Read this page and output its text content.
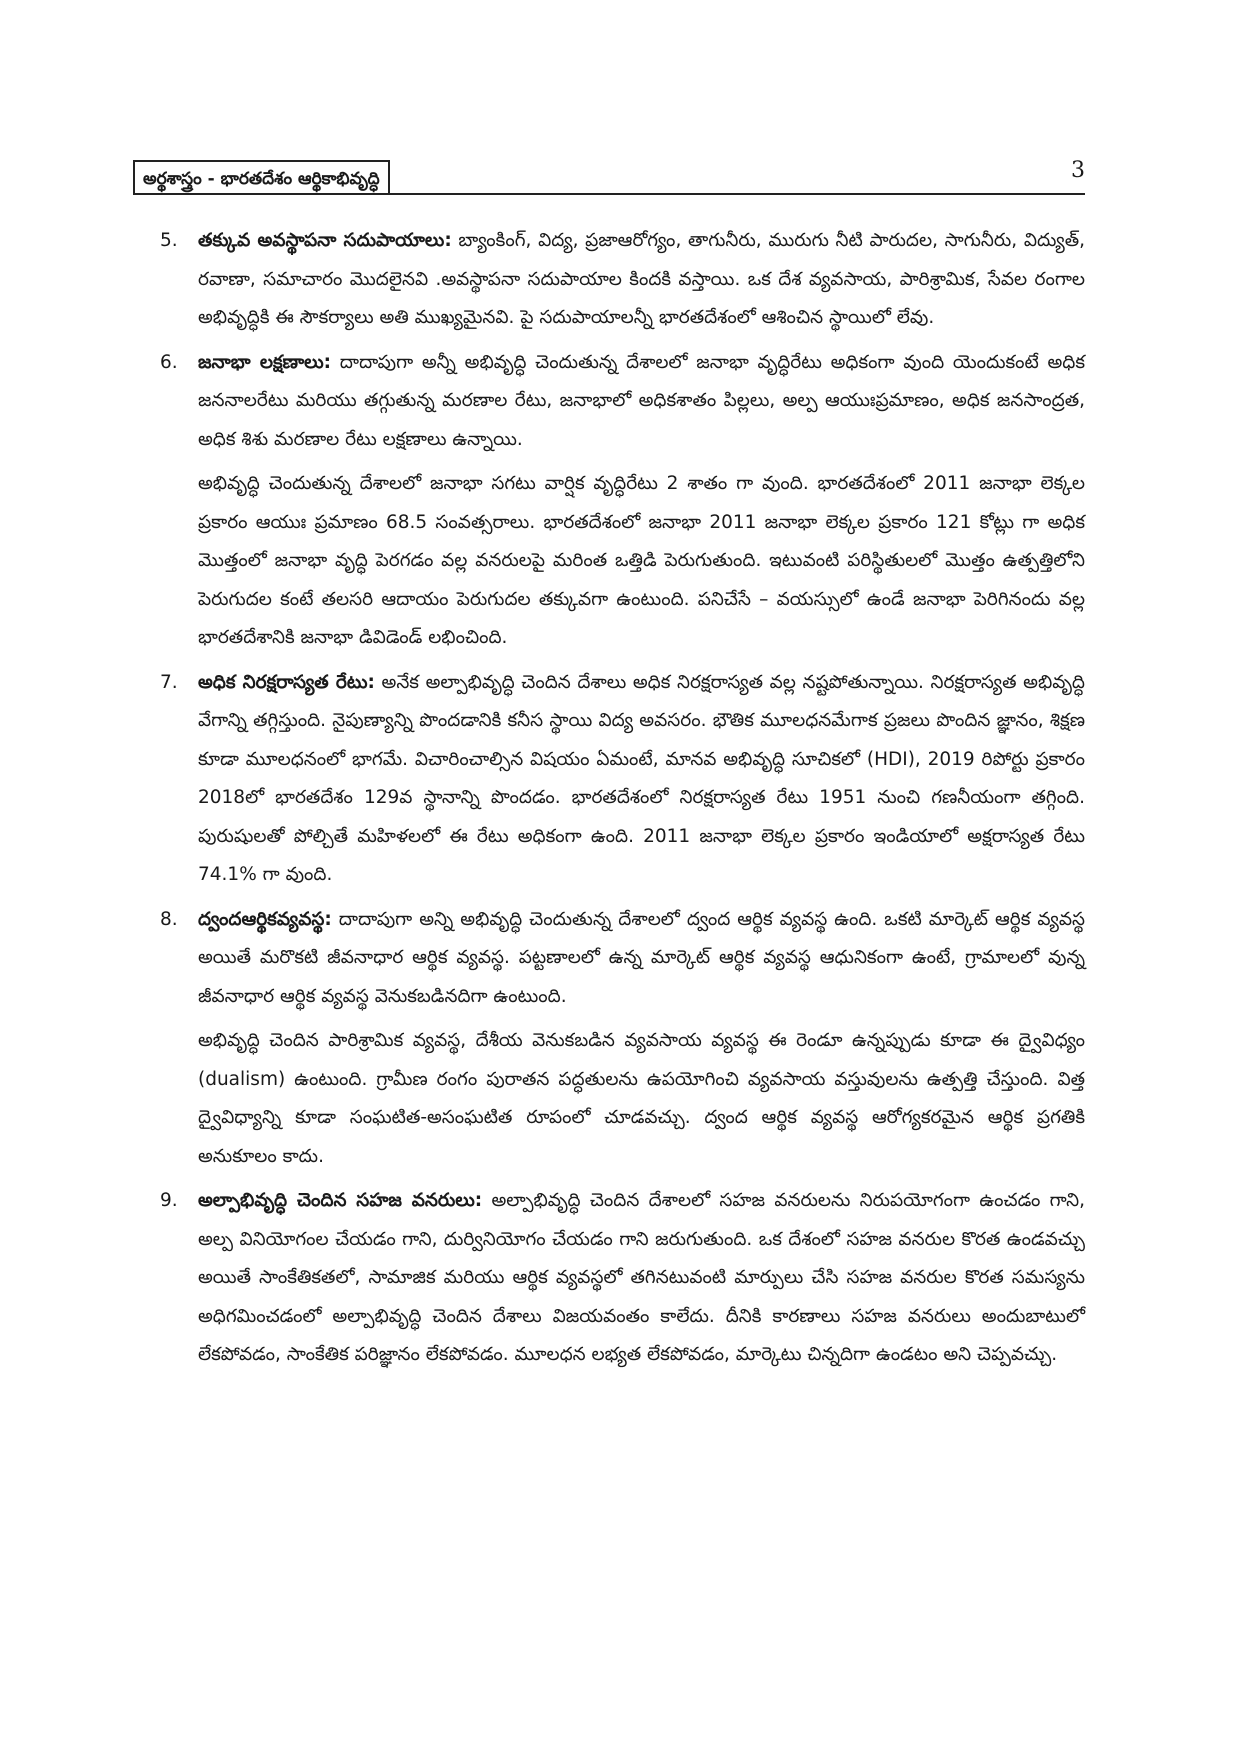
అర్థశాస్త్రం - భారతదేశం ఆర్థికాభివృద్ధి	3
5. తక్కువ అవస్థాపనా సదుపాయాలు: బ్యాంకింగ్, విద్య, ప్రజాఆరోగ్యం, తాగునీరు, మురుగు నీటి పారుదల, సాగునీరు, విద్యుత్, రవాణా, సమాచారం మొదలైనవి .అవస్థాపనా సదుపాయాల కిందకి వస్తాయి. ఒక దేశ వ్యవసాయ, పారిశ్రామిక, సేవల రంగాల అభివృద్ధికి ఈ సౌకర్యాలు అతి ముఖ్యమైనవి. పై సదుపాయాలన్నీ భారతదేశంలో ఆశించిన స్థాయిలో లేవు.
6. జనాభా లక్షణాలు: దాదాపుగా అన్నీ అభివృద్ధి చెందుతున్న దేశాలలో జనాభా వృద్ధిరేటు అధికంగా వుంది యెందుకంటే అధిక జననాలరేటు మరియు తగ్గుతున్న మరణాల రేటు, జనాభాలో అధికశాతం పిల్లలు, అల్ప ఆయుఃప్రమాణం, అధిక జనసాంద్రత, అధిక శిశు మరణాల రేటు లక్షణాలు ఉన్నాయి.

అభివృద్ధి చెందుతున్న దేశాలలో జనాభా సగటు వార్షిక వృద్ధిరేటు 2 శాతం గా వుంది. భారతదేశంలో 2011 జనాభా లెక్కల ప్రకారం ఆయుః ప్రమాణం 68.5 సంవత్సరాలు. భారతదేశంలో జనాభా 2011 జనాభా లెక్కల ప్రకారం 121 కోట్లు గా అధిక మొత్తంలో జనాభా వృద్ధి పెరగడం వల్ల వనరులపై మరింత ఒత్తిడి పెరుగుతుంది. ఇటువంటి పరిస్థితులలో మొత్తం ఉత్పత్తిలోని పెరుగుదల కంటే తలసరి ఆదాయం పెరుగుదల తక్కువగా ఉంటుంది. పనిచేసే – వయస్సులో ఉండే జనాభా పెరిగినందు వల్ల భారతదేశానికి జనాభా డివిడెండ్ లభించింది.

7. అధిక నిరక్షరాస్యత రేటు: అనేక అల్పాభివృద్ధి చెందిన దేశాలు అధిక నిరక్షరాస్యత వల్ల నష్టపోతున్నాయి. నిరక్షరాస్యత అభివృద్ధి వేగాన్ని తగ్గిస్తుంది. నైపుణ్యాన్ని పొందడానికి కనీస స్థాయి విద్య అవసరం. భౌతిక మూలధనమేగాక ప్రజలు పొందిన జ్ఞానం, శిక్షణ కూడా మూలధనంలో భాగమే. విచారించాల్సిన విషయం ఏమంటే, మానవ అభివృద్ధి సూచికలో (HDI), 2019 రిపోర్టు ప్రకారం 2018లో భారతదేశం 129వ స్థానాన్ని పొందడం. భారతదేశంలో నిరక్షరాస్యత రేటు 1951 నుంచి గణనీయంగా తగ్గింది. పురుషులతో పోల్చితే మహిళలలో ఈ రేటు అధికంగా ఉంది. 2011 జనాభా లెక్కల ప్రకారం ఇండియాలో అక్షరాస్యత రేటు 74.1% గా వుంది.
8. ద్వందఆర్థికవ్యవస్థ: దాదాపుగా అన్ని అభివృద్ధి చెందుతున్న దేశాలలో ద్వంద ఆర్థిక వ్యవస్థ ఉంది. ఒకటి మార్కెట్ ఆర్థిక వ్యవస్థ అయితే మరొకటి జీవనాధార ఆర్థిక వ్యవస్థ. పట్టణాలలో ఉన్న మార్కెట్ ఆర్థిక వ్యవస్థ ఆధునికంగా ఉంటే, గ్రామాలలో వున్న జీవనాధార ఆర్థిక వ్యవస్థ వెనుకబడినదిగా ఉంటుంది.

అభివృద్ధి చెందిన పారిశ్రామిక వ్యవస్థ, దేశీయ వెనుకబడిన వ్యవసాయ వ్యవస్థ ఈ రెండూ ఉన్నప్పుడు కూడా ఈ ద్వైవిధ్యం (dualism) ఉంటుంది. గ్రామీణ రంగం పురాతన పద్ధతులను ఉపయోగించి వ్యవసాయ వస్తువులను ఉత్పత్తి చేస్తుంది. విత్త ద్వైవిధ్యాన్ని కూడా సంఘటిత-అసంఘటిత రూపంలో చూడవచ్చు. ద్వంద ఆర్థిక వ్యవస్థ ఆరోగ్యకరమైన ఆర్థిక ప్రగతికి అనుకూలం కాదు.

9. అల్పాభివృద్ధి చెందిన సహజ వనరులు: అల్పాభివృద్ధి చెందిన దేశాలలో సహజ వనరులను నిరుపయోగంగా ఉంచడం గాని, అల్ప వినియోగంల చేయడం గాని, దుర్వినియోగం చేయడం గాని జరుగుతుంది. ఒక దేశంలో సహజ వనరుల కొరత ఉండవచ్చు అయితే సాంకేతికతలో, సామాజిక మరియు ఆర్థిక వ్యవస్థలో తగినటువంటి మార్పులు చేసి సహజ వనరుల కొరత సమస్యను అధిగమించడంలో అల్పాభివృద్ధి చెందిన దేశాలు విజయవంతం కాలేదు. దీనికి కారణాలు సహజ వనరులు అందుబాటులో లేకపోవడం, సాంకేతిక పరిజ్ఞానం లేకపోవడం. మూలధన లభ్యత లేకపోవడం, మార్కెటు చిన్నదిగా ఉండటం అని చెప్పవచ్చు.
